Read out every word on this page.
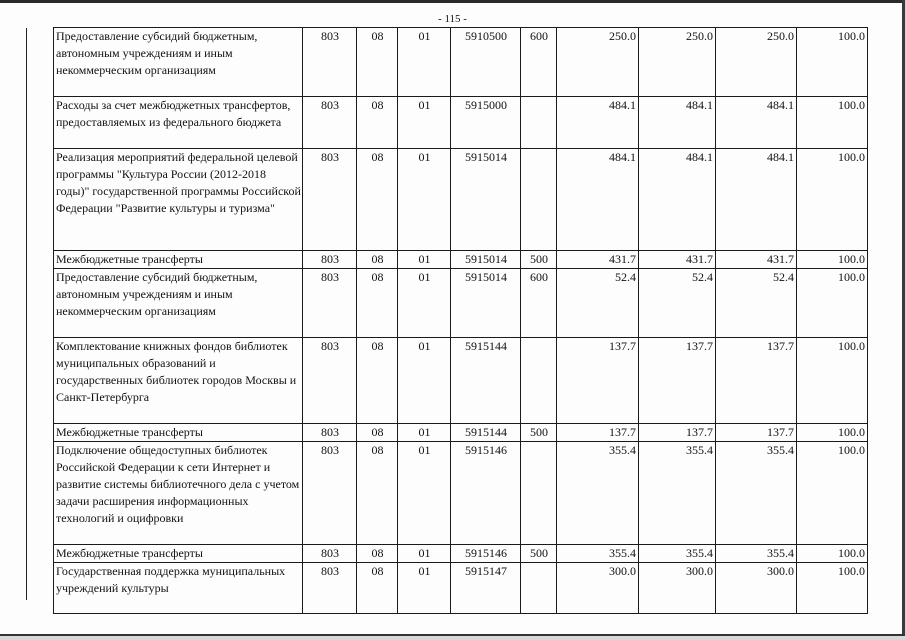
- 115 -
Предоставление субсидий бюджетным, автономным учреждениям и иным некоммерческим организациям	803	08	01	5910500	600	250.0	250.0	250.0	100.0
Расходы за счет межбюджетных трансфертов, предоставляемых из федерального бюджета	803	08	01	5915000		484.1	484.1	484.1	100.0
Реализация мероприятий федеральной целевой программы "Культура России (2012-2018 годы)" государственной программы Российской Федерации "Развитие культуры и туризма"	803	08	01	5915014		484.1	484.1	484.1	100.0
Межбюджетные трансферты	803	08	01	5915014	500	431.7	431.7	431.7	100.0
Предоставление субсидий бюджетным, автономным учреждениям и иным некоммерческим организациям	803	08	01	5915014	600	52.4	52.4	52.4	100.0
Комплектование книжных фондов библиотек муниципальных образований и государственных библиотек городов Москвы и Санкт-Петербурга	803	08	01	5915144		137.7	137.7	137.7	100.0
Межбюджетные трансферты	803	08	01	5915144	500	137.7	137.7	137.7	100.0
Подключение общедоступных библиотек Российской Федерации к сети Интернет и развитие системы библиотечного дела с учетом задачи расширения информационных технологий и оцифровки	803	08	01	5915146		355.4	355.4	355.4	100.0
Межбюджетные трансферты	803	08	01	5915146	500	355.4	355.4	355.4	100.0
Государственная поддержка муниципальных учреждений культуры	803	08	01	5915147		300.0	300.0	300.0	100.0
